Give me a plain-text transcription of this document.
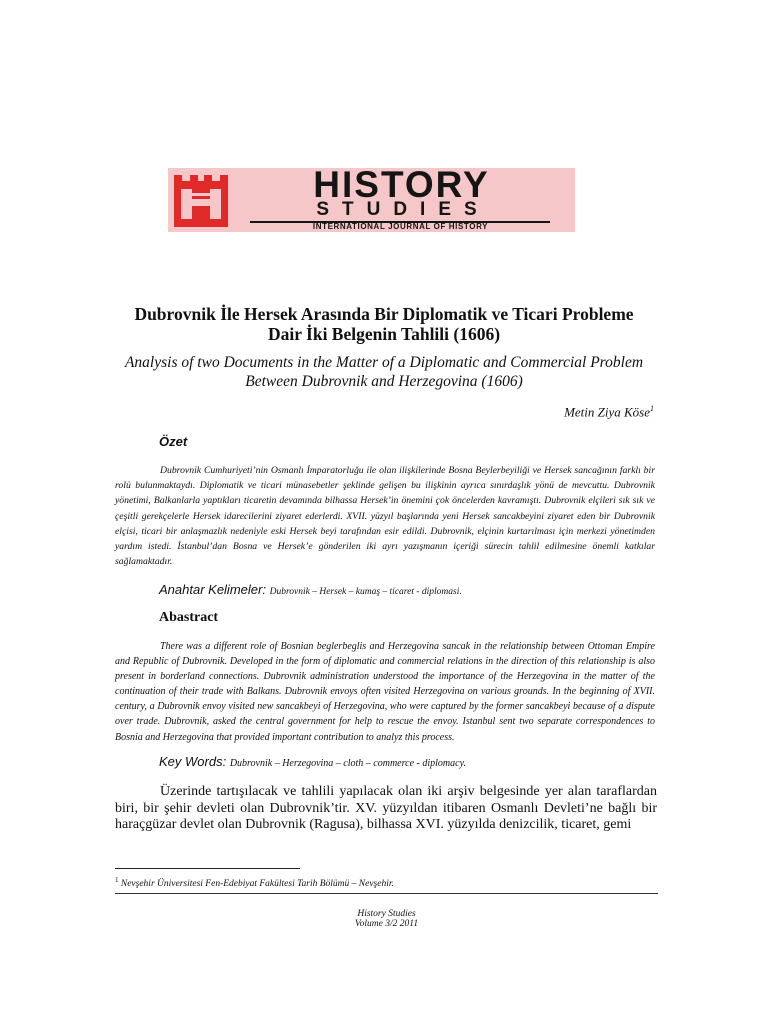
HISTORY
STUDIES
INTERNATIONAL JOURNAL OF HISTORY
Dubrovnik İle Hersek Arasında Bir Diplomatik ve Ticari Probleme
Dair İki Belgenin Tahlili (1606)
Analysis of two Documents in the Matter of a Diplomatic and Commercial Problem
Between Dubrovnik and Herzegovina (1606)
Metin Ziya Köse$^1$
Özet
Dubrovnik Cumhuriyeti’nin Osmanlı İmparatorluğu ile olan ilişkilerinde Bosna Beylerbeyiliği ve Hersek sancağının farklı bir rolü bulunmaktaydı. Diplomatik ve ticari münasebetler şeklinde gelişen bu ilişkinin ayrıca sınırdaşlık yönü de mevcuttu. Dubrovnik yönetimi, Balkanlarla yaptıkları ticaretin devamında bilhassa Hersek’in önemini çok öncelerden kavramıştı. Dubrovnik elçileri sık sık ve çeşitli gerekçelerle Hersek idarecilerini ziyaret ederlerdi. XVII. yüzyıl başlarında yeni Hersek sancakbeyini ziyaret eden bir Dubrovnik elçisi, ticari bir anlaşmazlık nedeniyle eski Hersek beyi tarafından esir edildi. Dubrovnik, elçinin kurtarılması için merkezi yönetimden yardım istedi. İstanbul’dan Bosna ve Hersek’e gönderilen iki ayrı yazışmanın içeriği sürecin tahlil edilmesine önemli katkılar sağlamaktadır.
Anahtar Kelimeler: Dubrovnik – Hersek – kumaş – ticaret - diplomasi.
Abastract
There was a different role of Bosnian beglerbeglis and Herzegovina sancak in the relationship between Ottoman Empire and Republic of Dubrovnik. Developed in the form of diplomatic and commercial relations in the direction of this relationship is also present in borderland connections. Dubrovnik administration understood the importance of the Herzegovina in the matter of the continuation of their trade with Balkans. Dubrovnik envoys often visited Herzegovina on various grounds. In the beginning of XVII. century, a Dubrovnik envoy visited new sancakbeyi of Herzegovina, who were captured by the former sancakbeyi because of a dispute over trade. Dubrovnik, asked the central government for help to rescue the envoy. Istanbul sent two separate correspondences to Bosnia and Herzegovina that provided important contribution to analyz this process.
Key Words: Dubrovnik – Herzegovina – cloth – commerce - diplomacy.
Üzerinde tartışılacak ve tahlili yapılacak olan iki arşiv belgesinde yer alan taraflardan biri, bir şehir devleti olan Dubrovnik’tir. XV. yüzyıldan itibaren Osmanlı Devleti’ne bağlı bir haraçgüzar devlet olan Dubrovnik (Ragusa), bilhassa XVI. yüzyılda denizcilik, ticaret, gemi
$^1$ Nevşehir Üniversitesi Fen-Edebiyat Fakültesi Tarih Bölümü – Nevşehir.
History Studies
Volume 3/2 2011
